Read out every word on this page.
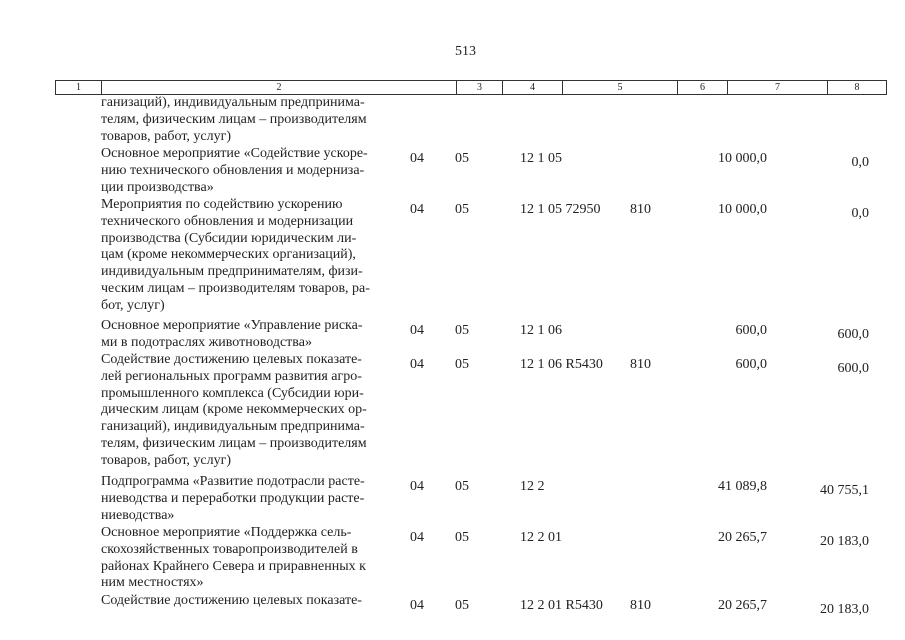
513
1	2	3	4	5	6	7	8
ганизаций), индивидуальным предпринима-
телям, физическим лицам – производителям
товаров, работ, услуг)
Основное мероприятие «Содействие ускоре-
нию технического обновления и модерниза-
ции производства»
04 05	12 1 05	10 000,0	0,0
Мероприятия по содействию ускорению
технического обновления и модернизации
производства (Субсидии юридическим ли-
цам (кроме некоммерческих организаций),
индивидуальным предпринимателям, физи-
ческим лицам – производителям товаров, ра-
бот, услуг)
04 05	12 1 05 72950 810	10 000,0	0,0
Основное мероприятие «Управление риска-
ми в подотраслях животноводства»
04 05	12 1 06	600,0	600,0
Содействие достижению целевых показате-
лей региональных программ развития агро-
промышленного комплекса (Субсидии юри-
дическим лицам (кроме некоммерческих ор-
ганизаций), индивидуальным предпринима-
телям, физическим лицам – производителям
товаров, работ, услуг)
04 05	12 1 06 R5430 810	600,0	600,0
Подпрограмма «Развитие подотрасли расте-
ниеводства и переработки продукции расте-
ниеводства»
04 05	12 2	41 089,8	40 755,1
Основное мероприятие «Поддержка сель-
скохозяйственных товаропроизводителей в
районах Крайнего Севера и приравненных к
ним местностях»
04 05	12 2 01	20 265,7	20 183,0
Содействие достижению целевых показате-	04 05	12 2 01 R5430 810	20 265,7	20 183,0
